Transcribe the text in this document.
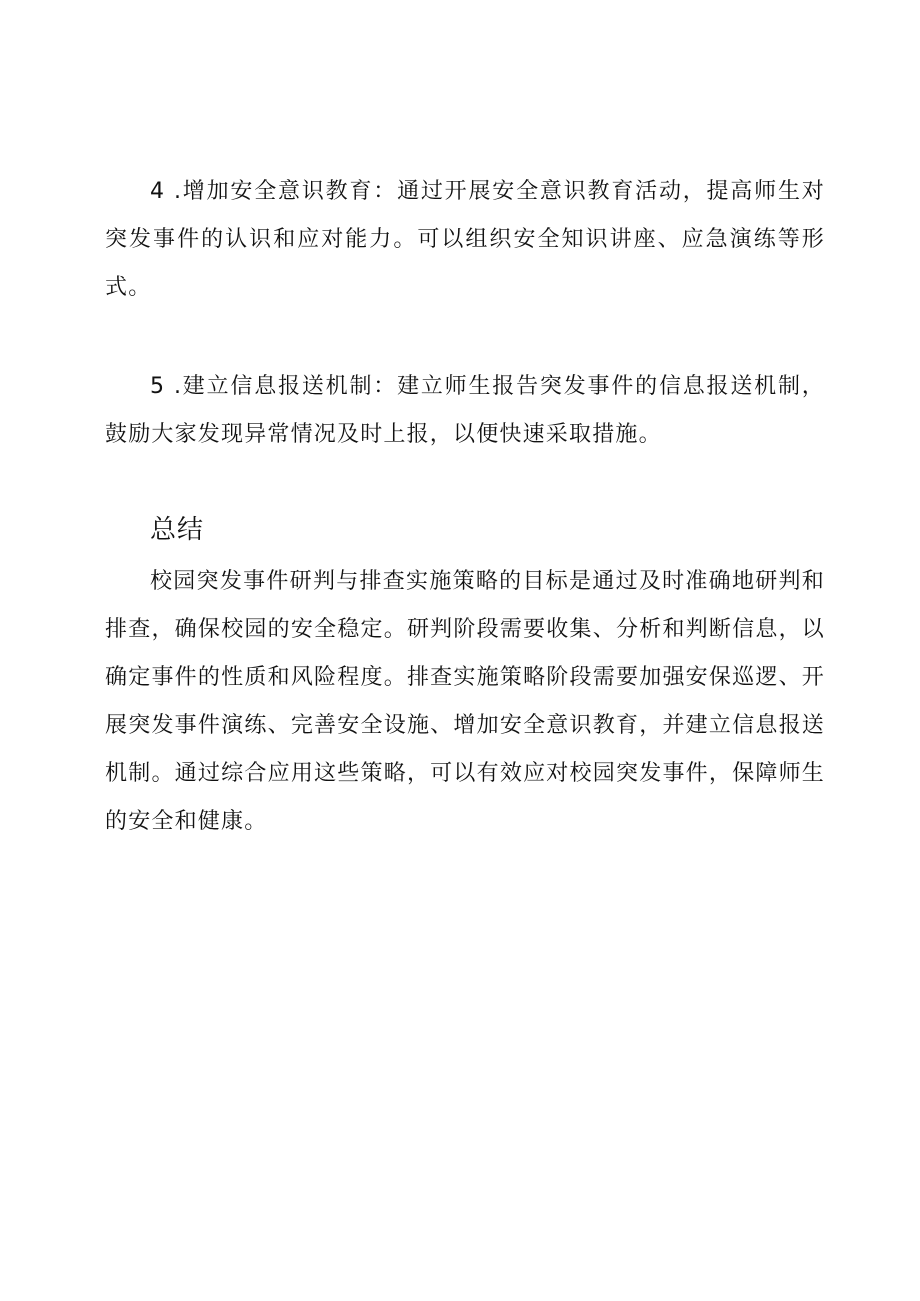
4 .增加安全意识教育：通过开展安全意识教育活动，提高师生对突发事件的认识和应对能力。可以组织安全知识讲座、应急演练等形式。

5 .建立信息报送机制：建立师生报告突发事件的信息报送机制，鼓励大家发现异常情况及时上报，以便快速采取措施。

总结

校园突发事件研判与排查实施策略的目标是通过及时准确地研判和排查，确保校园的安全稳定。研判阶段需要收集、分析和判断信息，以确定事件的性质和风险程度。排查实施策略阶段需要加强安保巡逻、开展突发事件演练、完善安全设施、增加安全意识教育，并建立信息报送机制。通过综合应用这些策略，可以有效应对校园突发事件，保障师生的安全和健康。
